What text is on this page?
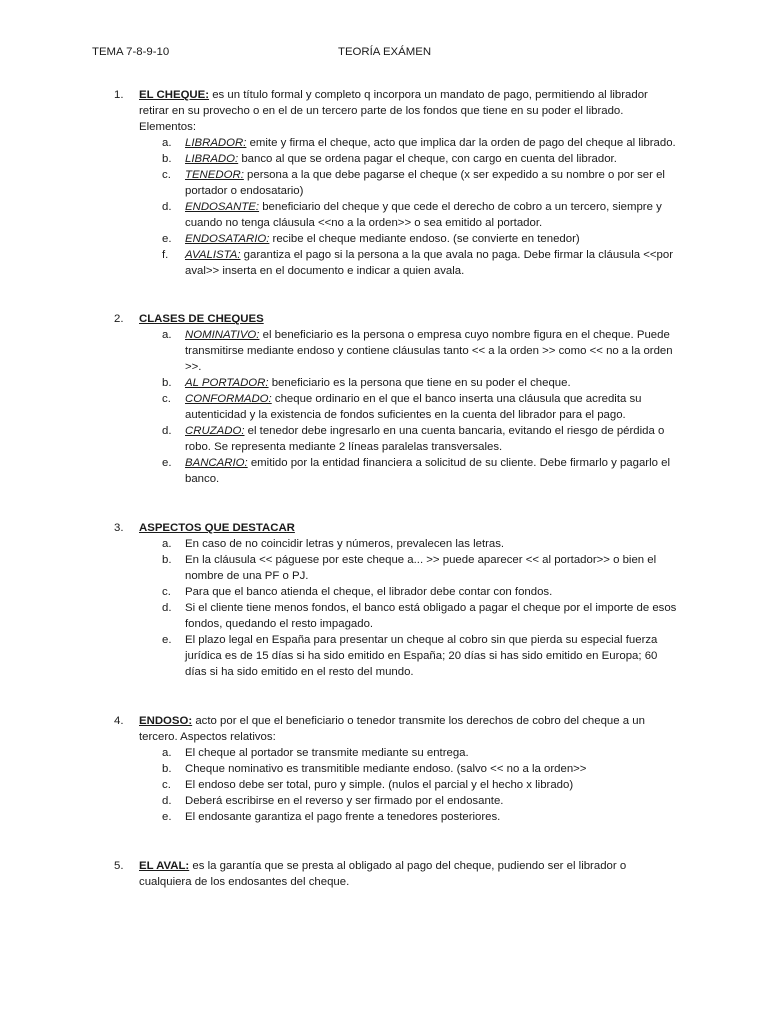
TEMA 7-8-9-10	TEORÍA EXÁMEN
1. EL CHEQUE: es un título formal y completo q incorpora un mandato de pago, permitiendo al librador retirar en su provecho o en el de un tercero parte de los fondos que tiene en su poder el librado. Elementos:
a. LIBRADOR: emite y firma el cheque, acto que implica dar la orden de pago del cheque al librado.
b. LIBRADO: banco al que se ordena pagar el cheque, con cargo en cuenta del librador.
c. TENEDOR: persona a la que debe pagarse el cheque (x ser expedido a su nombre o por ser el portador o endosatario)
d. ENDOSANTE: beneficiario del cheque y que cede el derecho de cobro a un tercero, siempre y cuando no tenga cláusula <<no a la orden>> o sea emitido al portador.
e. ENDOSATARIO: recibe el cheque mediante endoso. (se convierte en tenedor)
f. AVALISTA: garantiza el pago si la persona a la que avala no paga. Debe firmar la cláusula <<por aval>> inserta en el documento e indicar a quien avala.
2. CLASES DE CHEQUES
a. NOMINATIVO: el beneficiario es la persona o empresa cuyo nombre figura en el cheque. Puede transmitirse mediante endoso y contiene cláusulas tanto << a la orden >> como << no a la orden >>.
b. AL PORTADOR: beneficiario es la persona que tiene en su poder el cheque.
c. CONFORMADO: cheque ordinario en el que el banco inserta una cláusula que acredita su autenticidad y la existencia de fondos suficientes en la cuenta del librador para el pago.
d. CRUZADO: el tenedor debe ingresarlo en una cuenta bancaria, evitando el riesgo de pérdida o robo. Se representa mediante 2 líneas paralelas transversales.
e. BANCARIO: emitido por la entidad financiera a solicitud de su cliente. Debe firmarlo y pagarlo el banco.
3. ASPECTOS QUE DESTACAR
a. En caso de no coincidir letras y números, prevalecen las letras.
b. En la cláusula << páguese por este cheque a... >> puede aparecer << al portador>> o bien el nombre de una PF o PJ.
c. Para que el banco atienda el cheque, el librador debe contar con fondos.
d. Si el cliente tiene menos fondos, el banco está obligado a pagar el cheque por el importe de esos fondos, quedando el resto impagado.
e. El plazo legal en España para presentar un cheque al cobro sin que pierda su especial fuerza jurídica es de 15 días si ha sido emitido en España; 20 días si has sido emitido en Europa; 60 días si ha sido emitido en el resto del mundo.
4. ENDOSO: acto por el que el beneficiario o tenedor transmite los derechos de cobro del cheque a un tercero. Aspectos relativos:
a. El cheque al portador se transmite mediante su entrega.
b. Cheque nominativo es transmitible mediante endoso. (salvo << no a la orden>>
c. El endoso debe ser total, puro y simple. (nulos el parcial y el hecho x librado)
d. Deberá escribirse en el reverso y ser firmado por el endosante.
e. El endosante garantiza el pago frente a tenedores posteriores.
5. EL AVAL: es la garantía que se presta al obligado al pago del cheque, pudiendo ser el librador o cualquiera de los endosantes del cheque.
